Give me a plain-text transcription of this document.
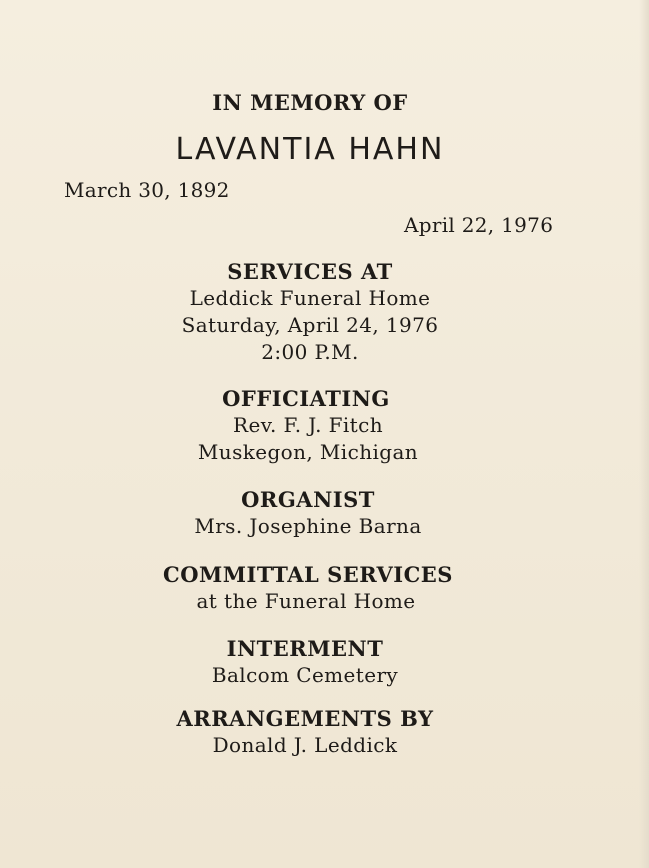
IN MEMORY OF
LAVANTIA HAHN
March 30, 1892
April 22, 1976
SERVICES AT
Leddick Funeral Home
Saturday, April 24, 1976
2:00 P.M.
OFFICIATING
Rev. F. J. Fitch
Muskegon, Michigan
ORGANIST
Mrs. Josephine Barna
COMMITTAL SERVICES
at the Funeral Home
INTERMENT
Balcom Cemetery
ARRANGEMENTS BY
Donald J. Leddick
